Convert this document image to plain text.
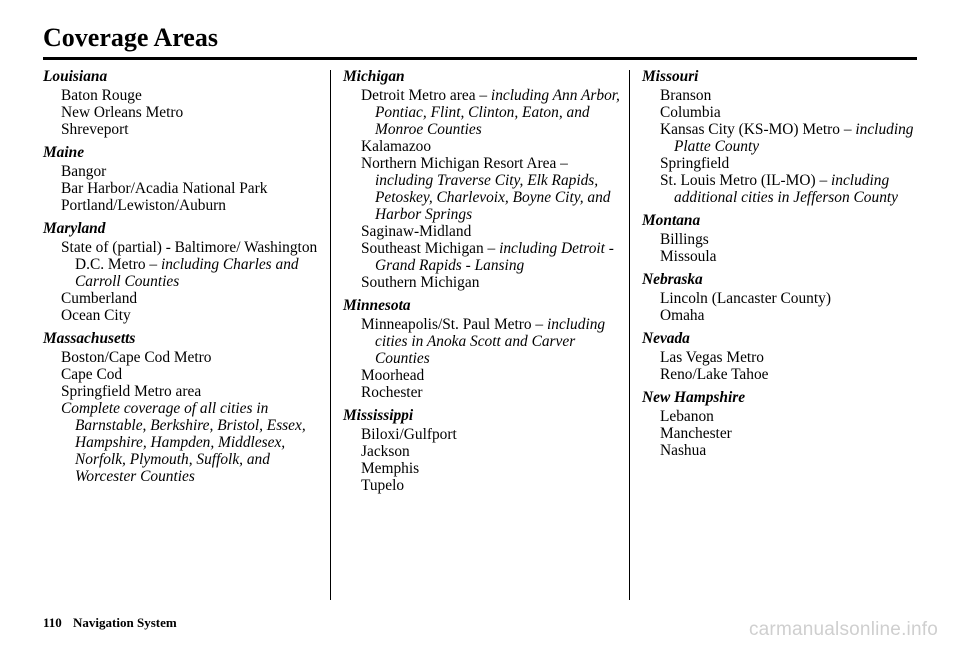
Coverage Areas
Louisiana
Baton Rouge
New Orleans Metro
Shreveport
Maine
Bangor
Bar Harbor/Acadia National Park
Portland/Lewiston/Auburn
Maryland
State of (partial) - Baltimore/ Washington D.C. Metro – including Charles and Carroll Counties
Cumberland
Ocean City
Massachusetts
Boston/Cape Cod Metro
Cape Cod
Springfield Metro area
Complete coverage of all cities in Barnstable, Berkshire, Bristol, Essex, Hampshire, Hampden, Middlesex, Norfolk, Plymouth, Suffolk, and Worcester Counties
Michigan
Detroit Metro area – including Ann Arbor, Pontiac, Flint, Clinton, Eaton, and Monroe Counties
Kalamazoo
Northern Michigan Resort Area – including Traverse City, Elk Rapids, Petoskey, Charlevoix, Boyne City, and Harbor Springs
Saginaw-Midland
Southeast Michigan – including Detroit - Grand Rapids - Lansing
Southern Michigan
Minnesota
Minneapolis/St. Paul Metro – including cities in Anoka Scott and Carver Counties
Moorhead
Rochester
Mississippi
Biloxi/Gulfport
Jackson
Memphis
Tupelo
Missouri
Branson
Columbia
Kansas City (KS-MO) Metro – including Platte County
Springfield
St. Louis Metro (IL-MO) – including additional cities in Jefferson County
Montana
Billings
Missoula
Nebraska
Lincoln (Lancaster County)
Omaha
Nevada
Las Vegas Metro
Reno/Lake Tahoe
New Hampshire
Lebanon
Manchester
Nashua
110 Navigation System	carmanualsonline.info
